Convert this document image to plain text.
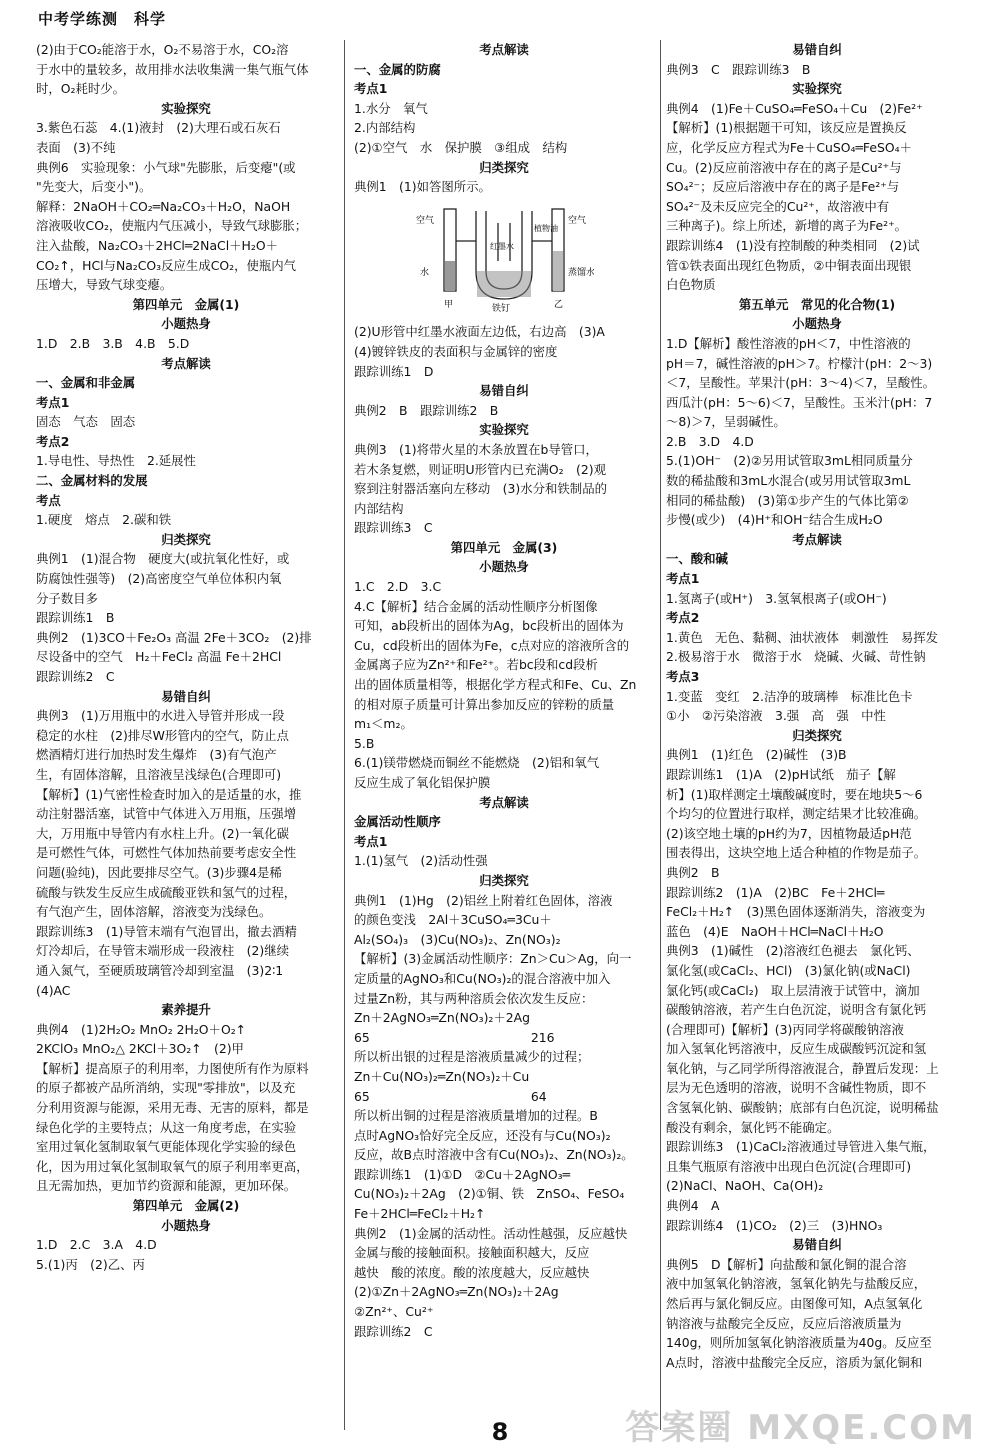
中考学练测　科学
(2)由于CO₂能溶于水，O₂不易溶于水，CO₂溶
于水中的量较多，故用排水法收集满一集气瓶气体
时，O₂耗时少。
实验探究
3.紫色石蕊　4.(1)液封　(2)大理石或石灰石
表面　(3)不纯
典例6　实验现象：小气球"先膨胀，后变瘪"(或
"先变大，后变小")。
解释：2NaOH＋CO₂═Na₂CO₃＋H₂O，NaOH
溶液吸收CO₂，使瓶内气压减小，导致气球膨胀；
注入盐酸，Na₂CO₃＋2HCl═2NaCl＋H₂O＋
CO₂↑，HCl与Na₂CO₃反应生成CO₂，使瓶内气
压增大，导致气球变瘪。
第四单元　金属(1)
小题热身
1.D　2.B　3.B　4.B　5.D
考点解读
一、金属和非金属
考点1
固态　气态　固态
考点2
1.导电性、导热性　2.延展性
二、金属材料的发展
考点
1.硬度　熔点　2.碳和铁
归类探究
典例1　(1)混合物　硬度大(或抗氧化性好，或
防腐蚀性强等)　(2)高密度空气单位体积内氧
分子数目多
跟踪训练1　B
典例2　(1)3CO＋Fe₂O₃ 高温 2Fe＋3CO₂　(2)排
尽设备中的空气　H₂＋FeCl₂ 高温 Fe＋2HCl
跟踪训练2　C
易错自纠
典例3　(1)万用瓶中的水进入导管并形成一段
稳定的水柱　(2)排尽W形管内的空气，防止点
燃酒精灯进行加热时发生爆炸　(3)有气泡产
生，有固体溶解，且溶液呈浅绿色(合理即可)
【解析】(1)气密性检查时加入的是适量的水，推
动注射器活塞，试管中气体进入万用瓶，压强增
大，万用瓶中导管内有水柱上升。(2)一氧化碳
是可燃性气体，可燃性气体加热前要考虑安全性
问题(验纯)，因此要排尽空气。(3)步骤4是稀
硫酸与铁发生反应生成硫酸亚铁和氢气的过程，
有气泡产生，固体溶解，溶液变为浅绿色。
跟踪训练3　(1)导管末端有气泡冒出，撤去酒精
灯冷却后，在导管末端形成一段液柱　(2)继续
通入氮气，至硬质玻璃管冷却到室温　(3)2∶1
(4)AC
素养提升
典例4　(1)2H₂O₂ MnO₂ 2H₂O＋O₂↑
2KClO₃ MnO₂△ 2KCl＋3O₂↑　(2)甲
【解析】提高原子的利用率，力图使所有作为原料
的原子都被产品所消纳，实现"零排放"，以及充
分利用资源与能源，采用无毒、无害的原料，都是
绿色化学的主要特点；从这一角度考虑，在实验
室用过氧化氢制取氧气更能体现化学实验的绿色
化，因为用过氧化氢制取氧气的原子利用率更高，
且无需加热，更加节约资源和能源，更加环保。
第四单元　金属(2)
小题热身
1.D　2.C　3.A　4.D
5.(1)丙　(2)乙、丙
考点解读
一、金属的防腐
考点1
1.水分　氧气
2.内部结构
(2)①空气　水　保护膜　③组成　结构
归类探究
典例1　(1)如答图所示。
空气
水
甲
红墨水
植物油
铁钉	乙
空气
蒸馏水
(2)U形管中红墨水液面左边低，右边高　(3)A
(4)镀锌铁皮的表面积与金属锌的密度
跟踪训练1　D
易错自纠
典例2　B　跟踪训练2　B
实验探究
典例3　(1)将带火星的木条放置在b导管口，
若木条复燃，则证明U形管内已充满O₂　(2)观
察到注射器活塞向左移动　(3)水分和铁制品的
内部结构
跟踪训练3　C
第四单元　金属(3)
小题热身
1.C　2.D　3.C
4.C【解析】结合金属的活动性顺序分析图像
可知，ab段析出的固体为Ag，bc段析出的固体为
Cu，cd段析出的固体为Fe，c点对应的溶液所含的
金属离子应为Zn²⁺和Fe²⁺。若bc段和cd段析
出的固体质量相等，根据化学方程式和Fe、Cu、Zn
的相对原子质量可计算出参加反应的锌粉的质量
m₁＜m₂。
5.B
6.(1)镁带燃烧而铜丝不能燃烧　(2)铝和氧气
反应生成了氧化铝保护膜
考点解读
金属活动性顺序
考点1
1.(1)氢气　(2)活动性强
归类探究
典例1　(1)Hg　(2)铝丝上附着红色固体，溶液
的颜色变浅　2Al＋3CuSO₄═3Cu＋
Al₂(SO₄)₃　(3)Cu(NO₃)₂、Zn(NO₃)₂
【解析】(3)金属活动性顺序：Zn＞Cu＞Ag，向一
定质量的AgNO₃和Cu(NO₃)₂的混合溶液中加入
过量Zn粉，其与两种溶质会依次发生反应：
Zn＋2AgNO₃═Zn(NO₃)₂＋2Ag
65　　　　　　　　　　　　　216
所以析出银的过程是溶液质量减少的过程；
Zn＋Cu(NO₃)₂═Zn(NO₃)₂＋Cu
65　　　　　　　　　　　　　64
所以析出铜的过程是溶液质量增加的过程。B
点时AgNO₃恰好完全反应，还没有与Cu(NO₃)₂
反应，故B点时溶液中含有Cu(NO₃)₂、Zn(NO₃)₂。
跟踪训练1　(1)①D　②Cu＋2AgNO₃═
Cu(NO₃)₂＋2Ag　(2)①铜、铁　ZnSO₄、FeSO₄
Fe＋2HCl═FeCl₂＋H₂↑
典例2　(1)金属的活动性。活动性越强，反应越快
金属与酸的接触面积。接触面积越大，反应
越快　酸的浓度。酸的浓度越大，反应越快
(2)①Zn＋2AgNO₃═Zn(NO₃)₂＋2Ag
②Zn²⁺、Cu²⁺
跟踪训练2　C
易错自纠
典例3　C　跟踪训练3　B
实验探究
典例4　(1)Fe＋CuSO₄═FeSO₄＋Cu　(2)Fe²⁺
【解析】(1)根据题干可知，该反应是置换反
应，化学反应方程式为Fe＋CuSO₄═FeSO₄＋
Cu。(2)反应前溶液中存在的离子是Cu²⁺与
SO₄²⁻；反应后溶液中存在的离子是Fe²⁺与
SO₄²⁻及未反应完全的Cu²⁺，故溶液中有
三种离子)。综上所述，新增的离子为Fe²⁺。
跟踪训练4　(1)没有控制酸的种类相同　(2)试
管①铁表面出现红色物质，②中铜表面出现银
白色物质
第五单元　常见的化合物(1)
小题热身
1.D【解析】酸性溶液的pH＜7，中性溶液的
pH＝7，碱性溶液的pH＞7。柠檬汁(pH：2～3)
＜7，呈酸性。苹果汁(pH：3～4)＜7，呈酸性。
西瓜汁(pH：5～6)＜7，呈酸性。玉米汁(pH：7
～8)＞7，呈弱碱性。
2.B　3.D　4.D
5.(1)OH⁻　(2)②另用试管取3mL相同质量分
数的稀盐酸和3mL水混合(或另用试管取3mL
相同的稀盐酸)　(3)第①步产生的气体比第②
步慢(或少)　(4)H⁺和OH⁻结合生成H₂O
考点解读
一、酸和碱
考点1
1.氢离子(或H⁺)　3.氢氧根离子(或OH⁻)
考点2
1.黄色　无色、黏稠、油状液体　刺激性　易挥发
2.极易溶于水　微溶于水　烧碱、火碱、苛性钠
考点3
1.变蓝　变红　2.洁净的玻璃棒　标准比色卡
①小　②污染溶液　3.强　高　强　中性
归类探究
典例1　(1)红色　(2)碱性　(3)B
跟踪训练1　(1)A　(2)pH试纸　茄子【解
析】(1)取样测定土壤酸碱度时，要在地块5～6
个均匀的位置进行取样，测定结果才比较准确。
(2)该空地土壤的pH约为7，因植物最适pH范
围表得出，这块空地上适合种植的作物是茄子。
典例2　B
跟踪训练2　(1)A　(2)BC　Fe＋2HCl═
FeCl₂＋H₂↑　(3)黑色固体逐渐消失，溶液变为
蓝色　(4)E　NaOH＋HCl═NaCl＋H₂O
典例3　(1)碱性　(2)溶液红色褪去　氯化钙、
氯化氢(或CaCl₂、HCl)　(3)氯化钠(或NaCl)
氯化钙(或CaCl₂)　取上层清液于试管中，滴加
碳酸钠溶液，若产生白色沉淀，说明含有氯化钙
(合理即可)【解析】(3)丙同学将碳酸钠溶液
加入氢氧化钙溶液中，反应生成碳酸钙沉淀和氢
氧化钠，与乙同学所得溶液混合，静置后发现：上
层为无色透明的溶液，说明不含碱性物质，即不
含氢氧化钠、碳酸钠；底部有白色沉淀，说明稀盐
酸没有剩余，氯化钙不能确定。
跟踪训练3　(1)CaCl₂溶液通过导管进入集气瓶，
且集气瓶原有溶液中出现白色沉淀(合理即可)
(2)NaCl、NaOH、Ca(OH)₂
典例4　A
跟踪训练4　(1)CO₂　(2)三　(3)HNO₃
易错自纠
典例5　D【解析】向盐酸和氯化铜的混合溶
液中加氢氧化钠溶液，氢氧化钠先与盐酸反应，
然后再与氯化铜反应。由图像可知，A点氢氧化
钠溶液与盐酸完全反应，反应后溶液质量为
140g，则所加氢氧化钠溶液质量为40g。反应至
A点时，溶液中盐酸完全反应，溶质为氯化铜和
8	答案圈 MXQE.COM
